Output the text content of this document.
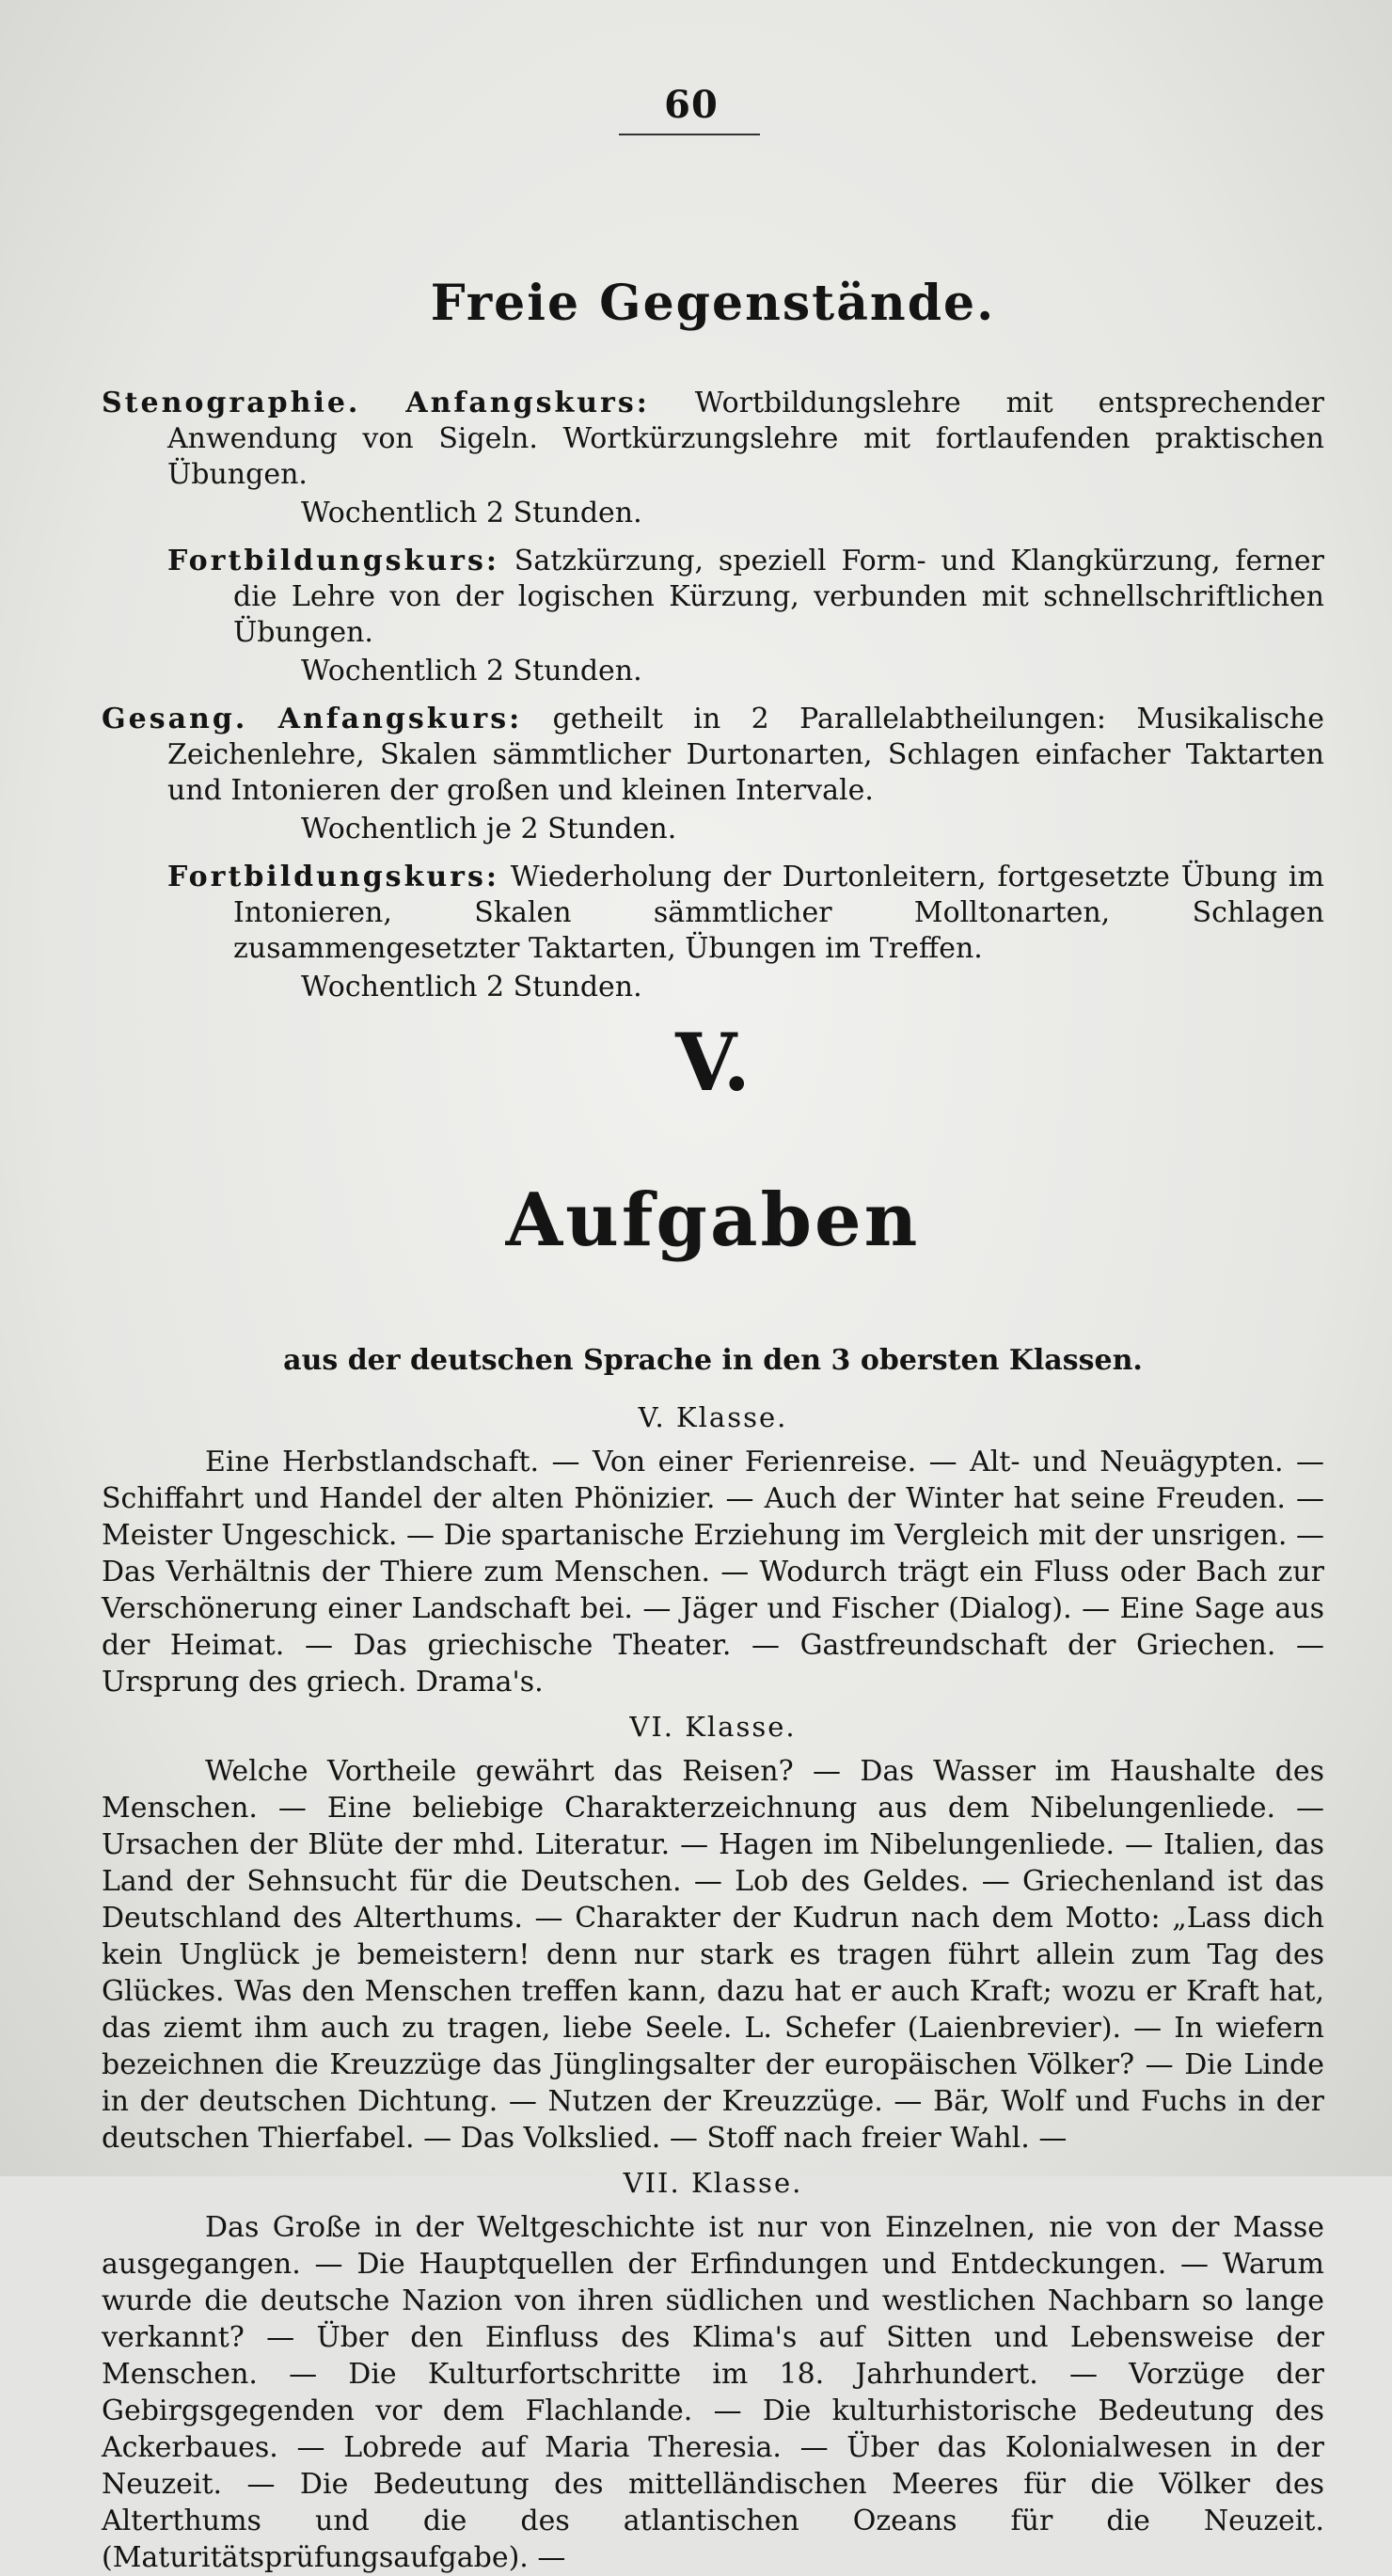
60
Freie Gegenstände.

Stenographie. Anfangskurs: Wortbildungslehre mit entsprechender Anwendung von Sigeln. Wortkürzungslehre mit fortlaufenden praktischen Übungen.

Wochentlich 2 Stunden.

Fortbildungskurs: Satzkürzung, speziell Form- und Klangkürzung, ferner die Lehre von der logischen Kürzung, verbunden mit schnellschriftlichen Übungen.

Wochentlich 2 Stunden.

Gesang. Anfangskurs: getheilt in 2 Parallelabtheilungen: Musikalische Zeichenlehre, Skalen sämmtlicher Durtonarten, Schlagen einfacher Taktarten und Intonieren der großen und kleinen Intervale.

Wochentlich je 2 Stunden.

Fortbildungskurs: Wiederholung der Durtonleitern, fortgesetzte Übung im Intonieren, Skalen sämmtlicher Molltonarten, Schlagen zusammengesetzter Taktarten, Übungen im Treffen.

Wochentlich 2 Stunden.

V.
Aufgaben
aus der deutschen Sprache in den 3 obersten Klassen.
V. Klasse.

Eine Herbstlandschaft. — Von einer Ferienreise. — Alt- und Neuägypten. — Schiffahrt und Handel der alten Phönizier. — Auch der Winter hat seine Freuden. — Meister Ungeschick. — Die spartanische Erziehung im Vergleich mit der unsrigen. — Das Verhältnis der Thiere zum Menschen. — Wodurch trägt ein Fluss oder Bach zur Verschönerung einer Landschaft bei. — Jäger und Fischer (Dialog). — Eine Sage aus der Heimat. — Das griechische Theater. — Gastfreundschaft der Griechen. — Ursprung des griech. Drama's.

VI. Klasse.

Welche Vortheile gewährt das Reisen? — Das Wasser im Haushalte des Menschen. — Eine beliebige Charakterzeichnung aus dem Nibelungenliede. — Ursachen der Blüte der mhd. Literatur. — Hagen im Nibelungenliede. — Italien, das Land der Sehnsucht für die Deutschen. — Lob des Geldes. — Griechenland ist das Deutschland des Alterthums. — Charakter der Kudrun nach dem Motto: „Lass dich kein Unglück je bemeistern! denn nur stark es tragen führt allein zum Tag des Glückes. Was den Menschen treffen kann, dazu hat er auch Kraft; wozu er Kraft hat, das ziemt ihm auch zu tragen, liebe Seele. L. Schefer (Laienbrevier). — In wiefern bezeichnen die Kreuzzüge das Jünglingsalter der europäischen Völker? — Die Linde in der deutschen Dichtung. — Nutzen der Kreuzzüge. — Bär, Wolf und Fuchs in der deutschen Thierfabel. — Das Volkslied. — Stoff nach freier Wahl. —

VII. Klasse.

Das Große in der Weltgeschichte ist nur von Einzelnen, nie von der Masse ausgegangen. — Die Hauptquellen der Erfindungen und Entdeckungen. — Warum wurde die deutsche Nazion von ihren südlichen und westlichen Nachbarn so lange verkannt? — Über den Einfluss des Klima's auf Sitten und Lebensweise der Menschen. — Die Kulturfortschritte im 18. Jahrhundert. — Vorzüge der Gebirgsgegenden vor dem Flachlande. — Die kulturhistorische Bedeutung des Ackerbaues. — Lobrede auf Maria Theresia. — Über das Kolonialwesen in der Neuzeit. — Die Bedeutung des mittelländischen Meeres für die Völker des Alterthums und die des atlantischen Ozeans für die Neuzeit. (Maturitätsprüfungsaufgabe). —
